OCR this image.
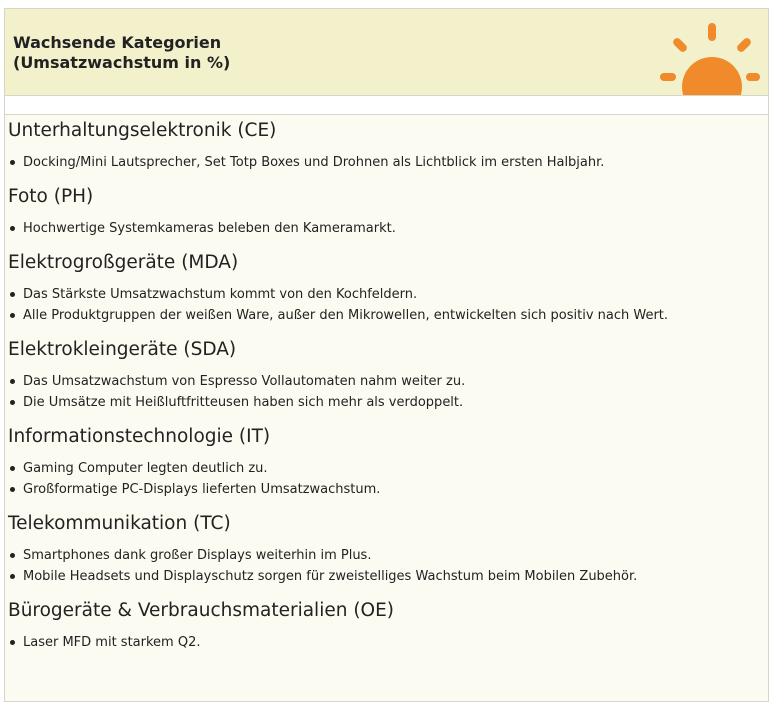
Wachsende Kategorien
(Umsatzwachstum in %)
Unterhaltungselektronik (CE)
Docking/Mini Lautsprecher, Set Totp Boxes und Drohnen als Lichtblick im ersten Halbjahr.
Foto (PH)
Hochwertige Systemkameras beleben den Kameramarkt.
Elektrogroßgeräte (MDA)
Das Stärkste Umsatzwachstum kommt von den Kochfeldern.
Alle Produktgruppen der weißen Ware, außer den Mikrowellen, entwickelten sich positiv nach Wert.
Elektrokleingeräte (SDA)
Das Umsatzwachstum von Espresso Vollautomaten nahm weiter zu.
Die Umsätze mit Heißluftfritteusen haben sich mehr als verdoppelt.
Informationstechnologie (IT)
Gaming Computer legten deutlich zu.
Großformatige PC-Displays lieferten Umsatzwachstum.
Telekommunikation (TC)
Smartphones dank großer Displays weiterhin im Plus.
Mobile Headsets und Displayschutz sorgen für zweistelliges Wachstum beim Mobilen Zubehör.
Bürogeräte & Verbrauchsmaterialien (OE)
Laser MFD mit starkem Q2.
